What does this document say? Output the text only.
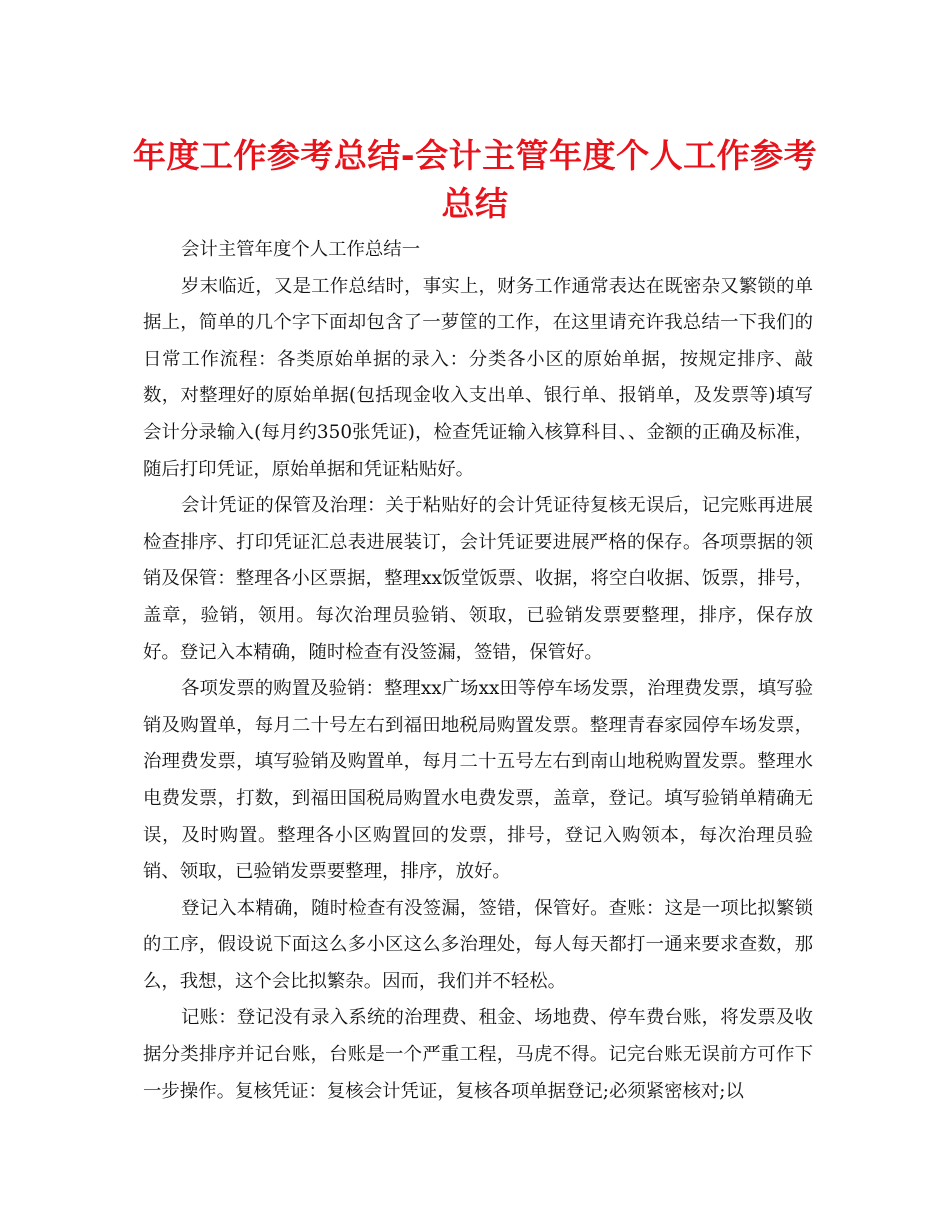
年度工作参考总结-会计主管年度个人工作参考总结

会计主管年度个人工作总结一

岁末临近，又是工作总结时，事实上，财务工作通常表达在既密杂又繁锁的单据上，简单的几个字下面却包含了一萝筐的工作，在这里请充许我总结一下我们的日常工作流程：各类原始单据的录入：分类各小区的原始单据，按规定排序、敲数，对整理好的原始单据(包括现金收入支出单、银行单、报销单，及发票等)填写会计分录输入(每月约350张凭证)，检查凭证输入核算科目、、金额的正确及标准，随后打印凭证，原始单据和凭证粘贴好。

会计凭证的保管及治理：关于粘贴好的会计凭证待复核无误后，记完账再进展检查排序、打印凭证汇总表进展装订，会计凭证要进展严格的保存。各项票据的领销及保管：整理各小区票据，整理xx饭堂饭票、收据，将空白收据、饭票，排号，盖章，验销，领用。每次治理员验销、领取，已验销发票要整理，排序，保存放好。登记入本精确，随时检查有没签漏，签错，保管好。

各项发票的购置及验销：整理xx广场xx田等停车场发票，治理费发票，填写验销及购置单，每月二十号左右到福田地税局购置发票。整理青春家园停车场发票，治理费发票，填写验销及购置单，每月二十五号左右到南山地税购置发票。整理水电费发票，打数，到福田国税局购置水电费发票，盖章，登记。填写验销单精确无误，及时购置。整理各小区购置回的发票，排号，登记入购领本，每次治理员验销、领取，已验销发票要整理，排序，放好。

登记入本精确，随时检查有没签漏，签错，保管好。查账：这是一项比拟繁锁的工序，假设说下面这么多小区这么多治理处，每人每天都打一通来要求查数，那么，我想，这个会比拟繁杂。因而，我们并不轻松。

记账：登记没有录入系统的治理费、租金、场地费、停车费台账，将发票及收据分类排序并记台账，台账是一个严重工程，马虎不得。记完台账无误前方可作下一步操作。复核凭证：复核会计凭证，复核各项单据登记;必须紧密核对;以
